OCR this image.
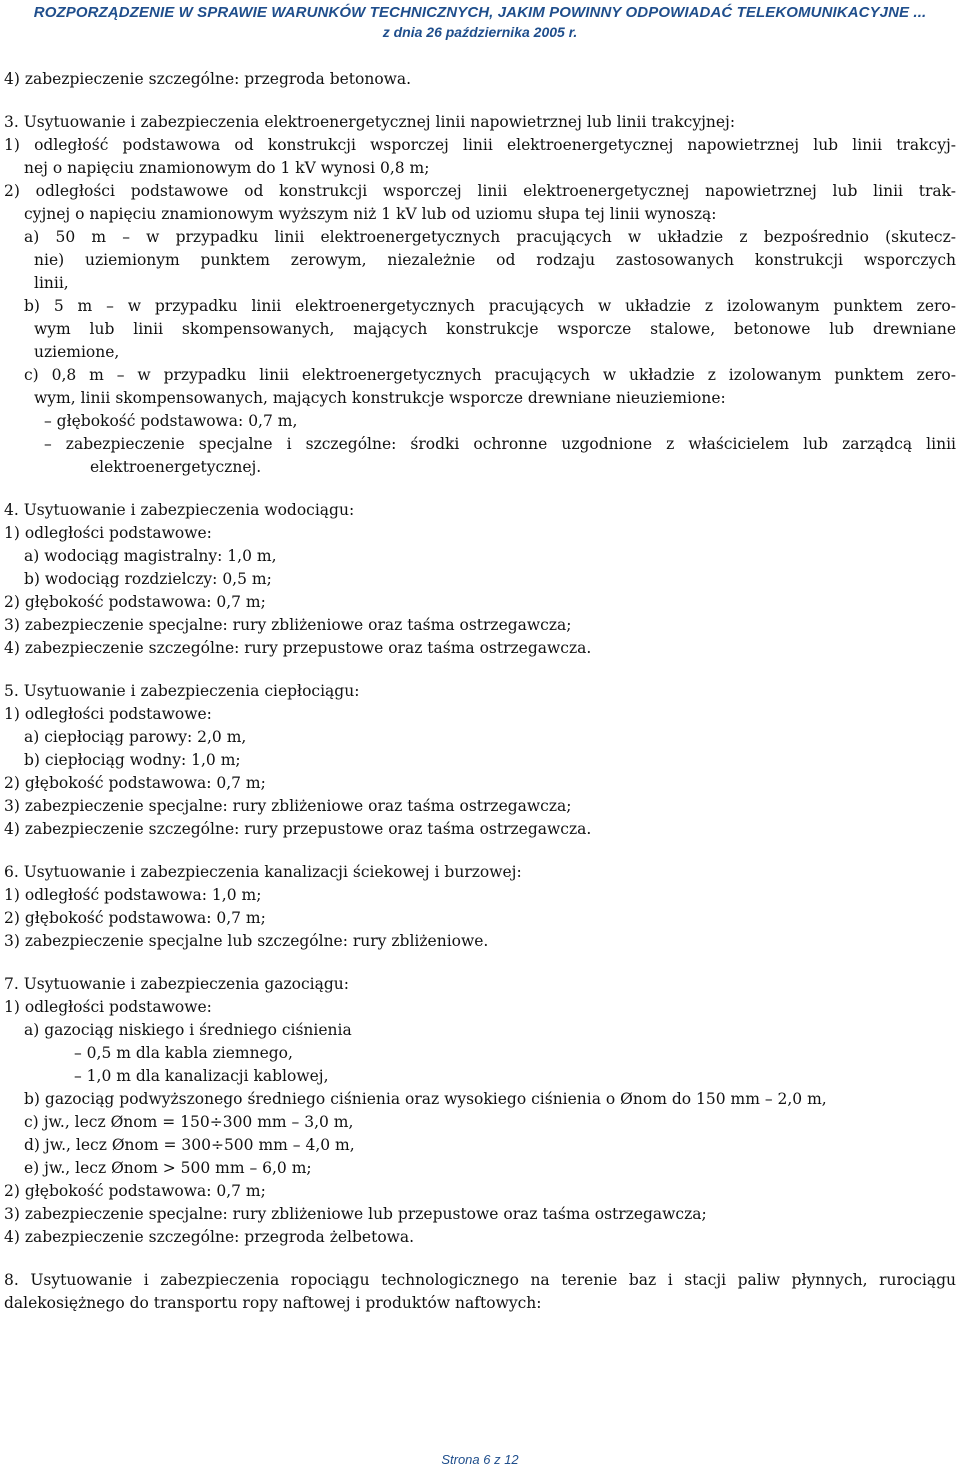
ROZPORZĄDZENIE W SPRAWIE WARUNKÓW TECHNICZNYCH, JAKIM POWINNY ODPOWIADAĆ TELEKOMUNIKACYJNE ...
z dnia 26 października 2005 r.
4) zabezpieczenie szczególne: przegroda betonowa.
3. Usytuowanie i zabezpieczenia elektroenergetycznej linii napowietrznej lub linii trakcyjnej:
1) odległość podstawowa od konstrukcji wsporczej linii elektroenergetycznej napowietrznej lub linii trakcyj-
nej o napięciu znamionowym do 1 kV wynosi 0,8 m;
2) odległości podstawowe od konstrukcji wsporczej linii elektroenergetycznej napowietrznej lub linii trak-
cyjnej o napięciu znamionowym wyższym niż 1 kV lub od uziomu słupa tej linii wynoszą:
a) 50 m – w przypadku linii elektroenergetycznych pracujących w układzie z bezpośrednio (skutecz-
nie) uziemionym punktem zerowym, niezależnie od rodzaju zastosowanych konstrukcji wsporczych
linii,
b) 5 m – w przypadku linii elektroenergetycznych pracujących w układzie z izolowanym punktem zero-
wym lub linii skompensowanych, mających konstrukcje wsporcze stalowe, betonowe lub drewniane
uziemione,
c) 0,8 m – w przypadku linii elektroenergetycznych pracujących w układzie z izolowanym punktem zero-
wym, linii skompensowanych, mających konstrukcje wsporcze drewniane nieuziemione:
– głębokość podstawowa: 0,7 m,
– zabezpieczenie specjalne i szczególne: środki ochronne uzgodnione z właścicielem lub zarządcą linii
elektroenergetycznej.
4. Usytuowanie i zabezpieczenia wodociągu:
1) odległości podstawowe:
a) wodociąg magistralny: 1,0 m,
b) wodociąg rozdzielczy: 0,5 m;
2) głębokość podstawowa: 0,7 m;
3) zabezpieczenie specjalne: rury zbliżeniowe oraz taśma ostrzegawcza;
4) zabezpieczenie szczególne: rury przepustowe oraz taśma ostrzegawcza.
5. Usytuowanie i zabezpieczenia ciepłociągu:
1) odległości podstawowe:
a) ciepłociąg parowy: 2,0 m,
b) ciepłociąg wodny: 1,0 m;
2) głębokość podstawowa: 0,7 m;
3) zabezpieczenie specjalne: rury zbliżeniowe oraz taśma ostrzegawcza;
4) zabezpieczenie szczególne: rury przepustowe oraz taśma ostrzegawcza.
6. Usytuowanie i zabezpieczenia kanalizacji ściekowej i burzowej:
1) odległość podstawowa: 1,0 m;
2) głębokość podstawowa: 0,7 m;
3) zabezpieczenie specjalne lub szczególne: rury zbliżeniowe.
7. Usytuowanie i zabezpieczenia gazociągu:
1) odległości podstawowe:
a) gazociąg niskiego i średniego ciśnienia
– 0,5 m dla kabla ziemnego,
– 1,0 m dla kanalizacji kablowej,
b) gazociąg podwyższonego średniego ciśnienia oraz wysokiego ciśnienia o Ønom do 150 mm – 2,0 m,
c) jw., lecz Ønom = 150÷300 mm – 3,0 m,
d) jw., lecz Ønom = 300÷500 mm – 4,0 m,
e) jw., lecz Ønom > 500 mm – 6,0 m;
2) głębokość podstawowa: 0,7 m;
3) zabezpieczenie specjalne: rury zbliżeniowe lub przepustowe oraz taśma ostrzegawcza;
4) zabezpieczenie szczególne: przegroda żelbetowa.
8. Usytuowanie i zabezpieczenia ropociągu technologicznego na terenie baz i stacji paliw płynnych, rurociągu
dalekosiężnego do transportu ropy naftowej i produktów naftowych:
Strona 6 z 12
